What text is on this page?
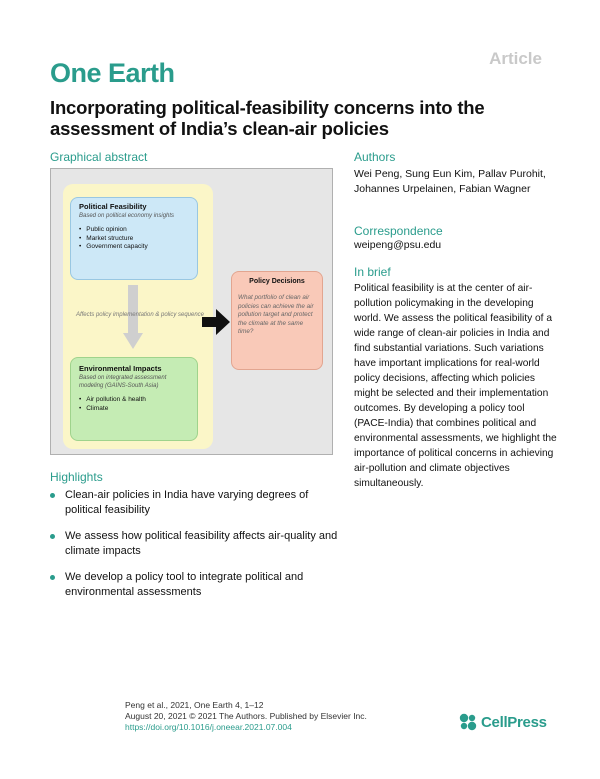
Article
One Earth
Incorporating political-feasibility concerns into the assessment of India’s clean-air policies
Graphical abstract
Political Feasibility
Based on political economy insights
• Public opinion
• Market structure
• Government capacity
Affects policy implementation & policy sequence
Environmental Impacts
Based on integrated assessment modeling (GAINS-South Asia)
• Air pollution & health
• Climate
Policy Decisions
What portfolio of clean air policies can achieve the air pollution target and protect the climate at the same time?
Highlights
Clean-air policies in India have varying degrees of political feasibility
We assess how political feasibility affects air-quality and climate impacts
We develop a policy tool to integrate political and environmental assessments
Authors
Wei Peng, Sung Eun Kim, Pallav Purohit, Johannes Urpelainen, Fabian Wagner
Correspondence
weipeng@psu.edu
In brief
Political feasibility is at the center of air-pollution policymaking in the developing world. We assess the political feasibility of a wide range of clean-air policies in India and find substantial variations. Such variations have important implications for real-world policy decisions, affecting which policies might be selected and their implementation outcomes. By developing a policy tool (PACE-India) that combines political and environmental assessments, we highlight the importance of political concerns in achieving air-pollution and climate objectives simultaneously.
Peng et al., 2021, One Earth 4, 1–12
August 20, 2021 © 2021 The Authors. Published by Elsevier Inc.
https://doi.org/10.1016/j.oneear.2021.07.004	CellPress
